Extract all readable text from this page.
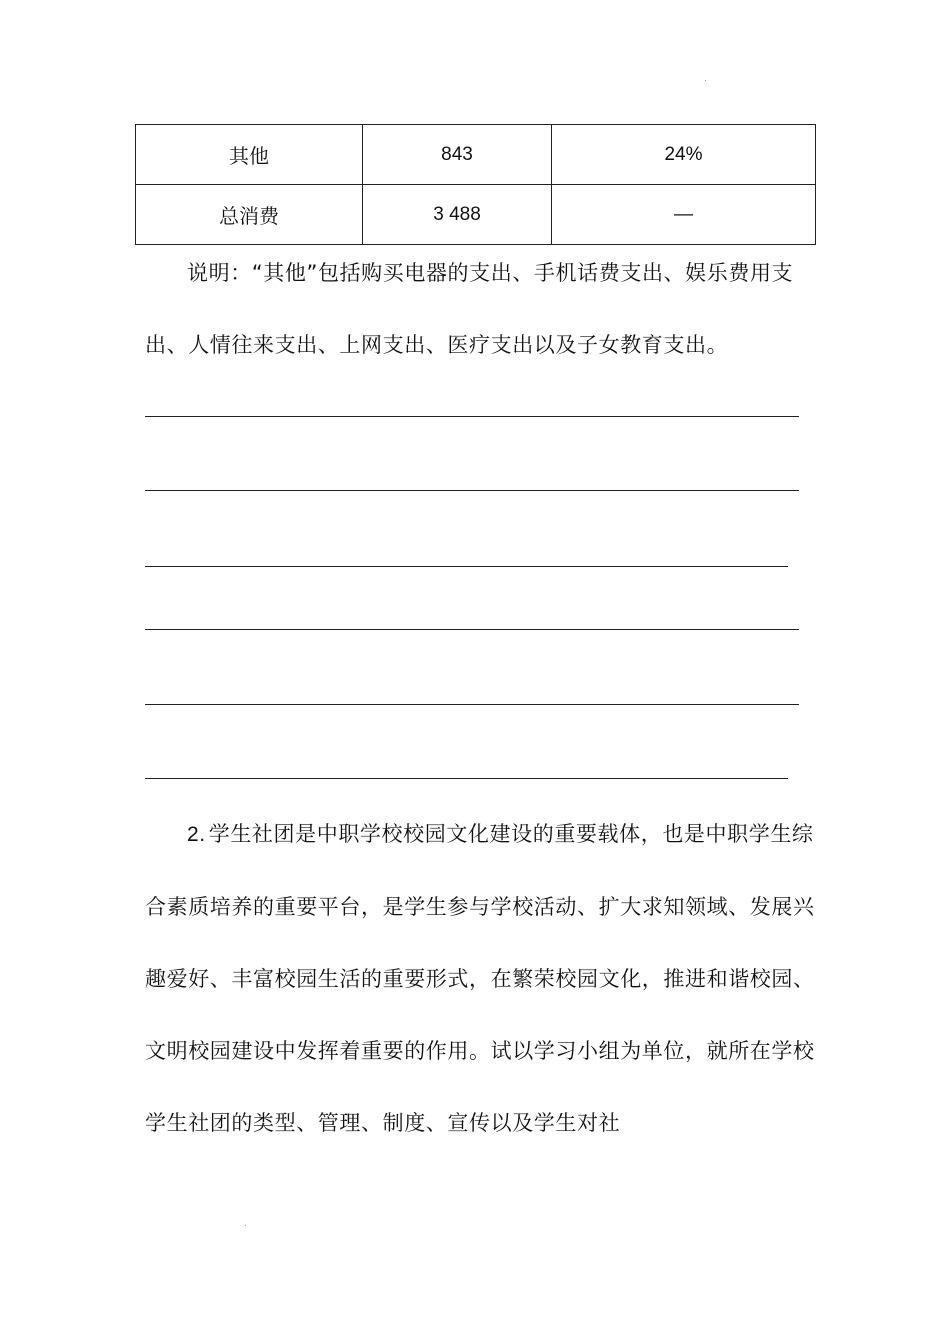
其他	843	24%
总消费	3 488	—

说明：“其他”包括购买电器的支出、手机话费支出、娱乐费用支出、人情往来支出、上网支出、医疗支出以及子女教育支出。

2. 学生社团是中职学校校园文化建设的重要载体，也是中职学生综合素质培养的重要平台，是学生参与学校活动、扩大求知领域、发展兴趣爱好、丰富校园生活的重要形式，在繁荣校园文化，推进和谐校园、文明校园建设中发挥着重要的作用。试以学习小组为单位，就所在学校学生社团的类型、管理、制度、宣传以及学生对社
